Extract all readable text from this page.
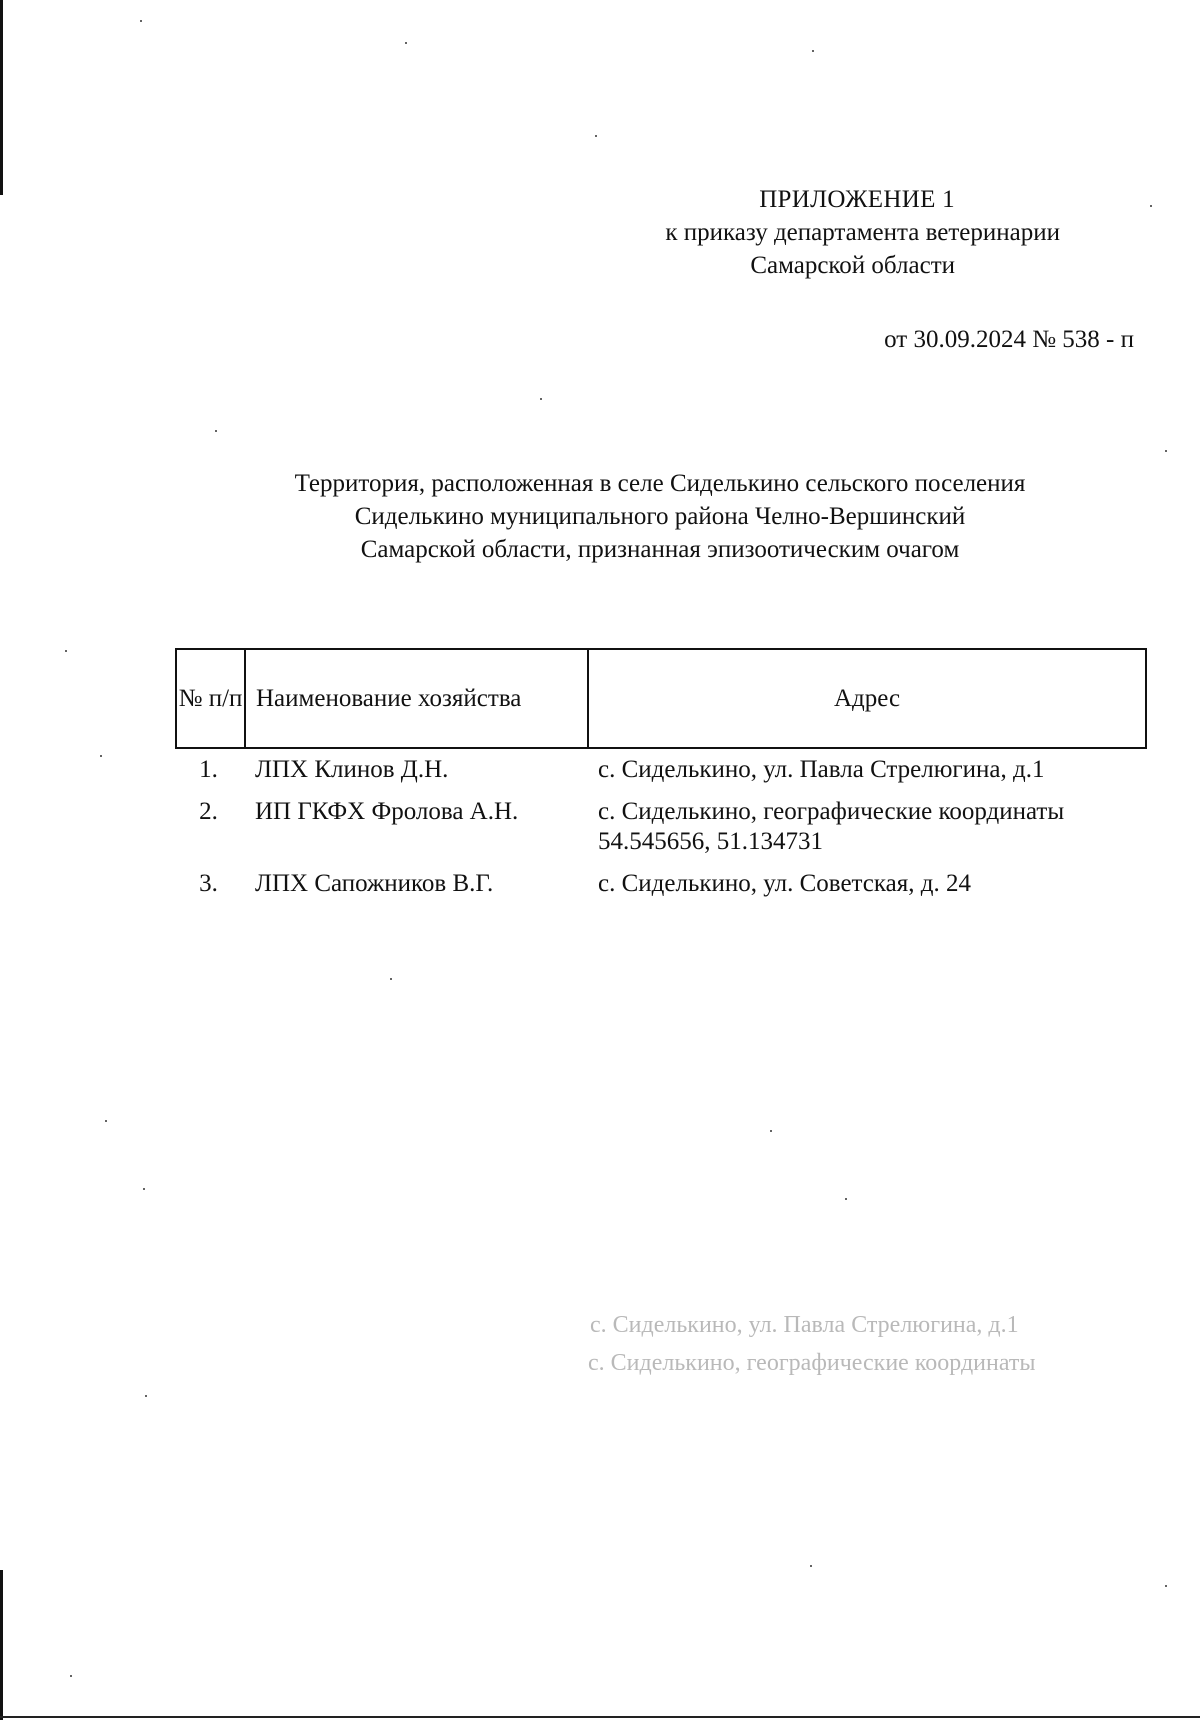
ПРИЛОЖЕНИЕ 1
к приказу департамента ветеринарии
Самарской области
от 30.09.2024 № 538 - п
Территория, расположенная в селе Сиделькино сельского поселения
Сиделькино муниципального района Челно-Вершинский
Самарской области, признанная эпизоотическим очагом
№ п/п	Наименование хозяйства	Адрес
1.	ЛПХ Клинов Д.Н.	с. Сиделькино, ул. Павла Стрелюгина, д.1
2.	ИП ГКФХ Фролова А.Н.	с. Сиделькино, географические координаты 54.545656, 51.134731
3.	ЛПХ Сапожников В.Г.	с. Сиделькино, ул. Советская, д. 24
с. Сиделькино, ул. Павла Стрелюгина, д.1
с. Сиделькино, географические координаты
